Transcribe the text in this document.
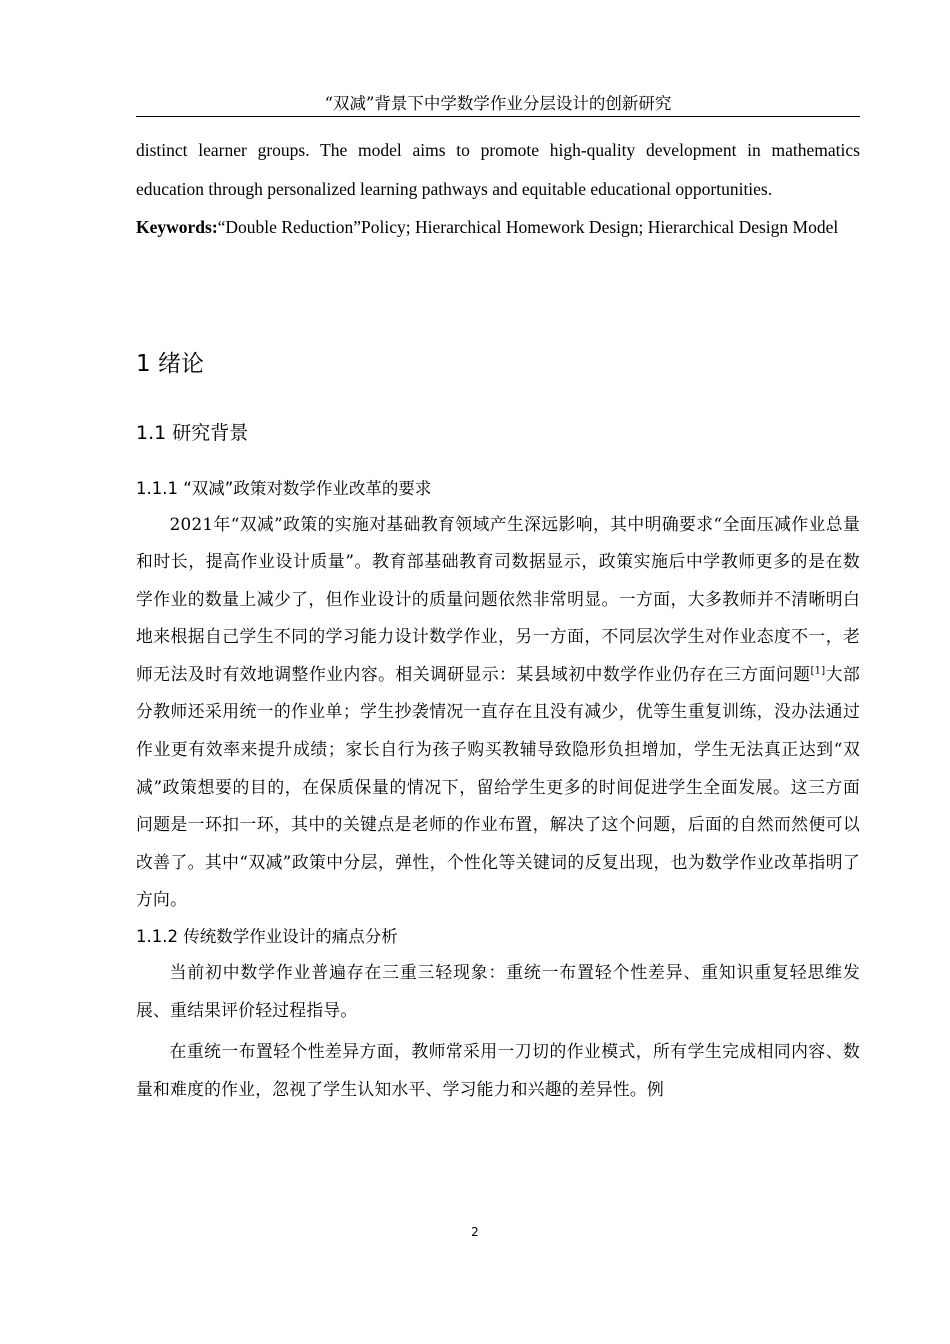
“双减”背景下中学数学作业分层设计的创新研究

distinct learner groups. The model aims to promote high-quality development in mathematics education through personalized learning pathways and equitable educational opportunities.

Keywords:“Double Reduction”Policy; Hierarchical Homework Design; Hierarchical Design Model

1 绪论
1.1 研究背景
1.1.1 “双减”政策对数学作业改革的要求

2021年“双减”政策的实施对基础教育领域产生深远影响，其中明确要求“全面压减作业总量和时长，提高作业设计质量”。教育部基础教育司数据显示，政策实施后中学教师更多的是在数学作业的数量上减少了，但作业设计的质量问题依然非常明显。一方面，大多教师并不清晰明白地来根据自己学生不同的学习能力设计数学作业，另一方面，不同层次学生对作业态度不一，老师无法及时有效地调整作业内容。相关调研显示：某县域初中数学作业仍存在三方面问题[1]大部分教师还采用统一的作业单；学生抄袭情况一直存在且没有减少，优等生重复训练，没办法通过作业更有效率来提升成绩；家长自行为孩子购买教辅导致隐形负担增加，学生无法真正达到“双减”政策想要的目的，在保质保量的情况下，留给学生更多的时间促进学生全面发展。这三方面问题是一环扣一环，其中的关键点是老师的作业布置，解决了这个问题，后面的自然而然便可以改善了。其中“双减”政策中分层，弹性，个性化等关键词的反复出现，也为数学作业改革指明了方向。

1.1.2 传统数学作业设计的痛点分析

当前初中数学作业普遍存在三重三轻现象：重统一布置轻个性差异、重知识重复轻思维发展、重结果评价轻过程指导。

在重统一布置轻个性差异方面，教师常采用一刀切的作业模式，所有学生完成相同内容、数量和难度的作业，忽视了学生认知水平、学习能力和兴趣的差异性。例

2
